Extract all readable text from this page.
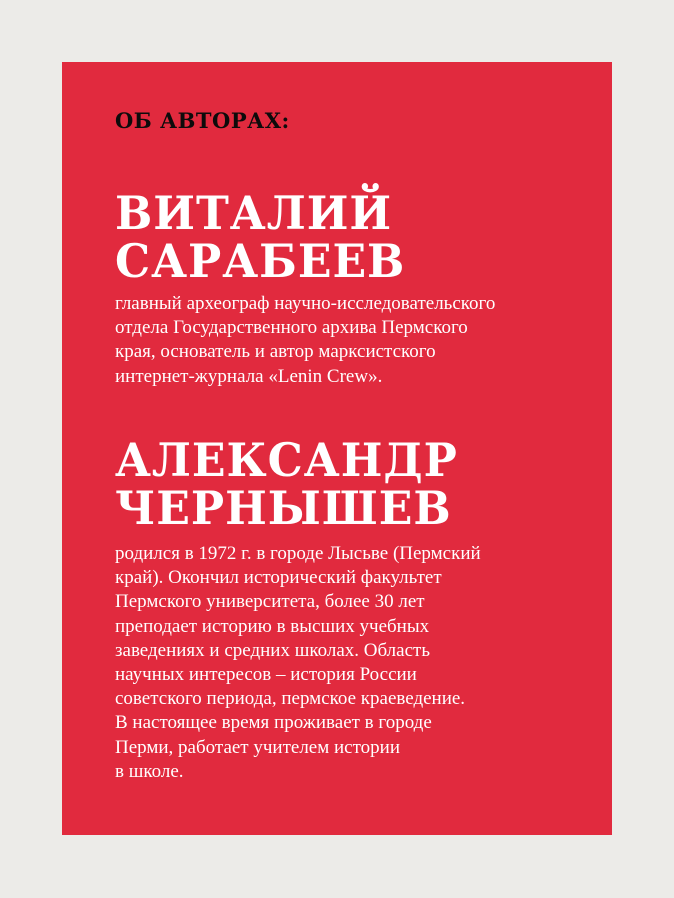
ОБ АВТОРАХ:
ВИТАЛИЙ
САРАБЕЕВ

главный археограф научно-исследовательского
отдела Государственного архива Пермского
края, основатель и автор марксистского
интернет-журнала «Lenin Crew».

АЛЕКСАНДР
ЧЕРНЫШЕВ

родился в 1972 г. в городе Лысьве (Пермский
край). Окончил исторический факультет
Пермского университета, более 30 лет
преподает историю в высших учебных
заведениях и средних школах. Область
научных интересов – история России
советского периода, пермское краеведение.
В настоящее время проживает в городе
Перми, работает учителем истории
в школе.
